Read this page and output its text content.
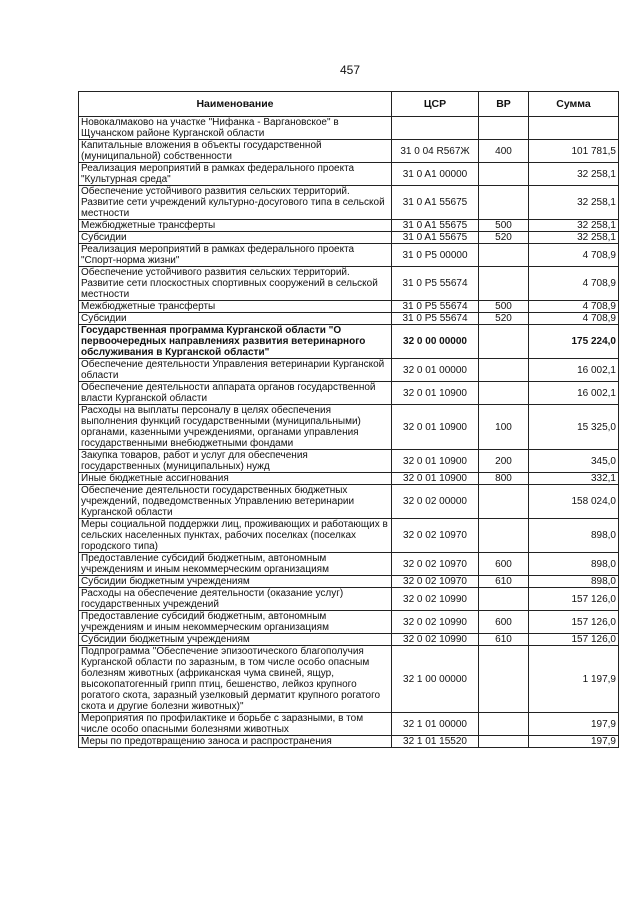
457
Наименование	ЦСР	ВР	Сумма
Новокалмаково на участке "Нифанка - Варгановское" в Щучанском районе Курганской области			
Капитальные вложения в объекты государственной (муниципальной) собственности	31 0 04 R567Ж	400	101 781,5
Реализация мероприятий в рамках федерального проекта "Культурная среда"	31 0 A1 00000		32 258,1
Обеспечение устойчивого развития сельских территорий. Развитие сети учреждений культурно-досугового типа в сельской местности	31 0 A1 55675		32 258,1
Межбюджетные трансферты	31 0 A1 55675	500	32 258,1
Субсидии	31 0 A1 55675	520	32 258,1
Реализация мероприятий в рамках федерального проекта "Спорт-норма жизни"	31 0 P5 00000		4 708,9
Обеспечение устойчивого развития сельских территорий. Развитие сети плоскостных спортивных сооружений в сельской местности	31 0 P5 55674		4 708,9
Межбюджетные трансферты	31 0 P5 55674	500	4 708,9
Субсидии	31 0 P5 55674	520	4 708,9
Государственная программа Курганской области "О первоочередных направлениях развития ветеринарного обслуживания в Курганской области"	32 0 00 00000		175 224,0
Обеспечение деятельности Управления ветеринарии Курганской области	32 0 01 00000		16 002,1
Обеспечение деятельности аппарата органов государственной власти Курганской области	32 0 01 10900		16 002,1
Расходы на выплаты персоналу в целях обеспечения выполнения функций государственными (муниципальными) органами, казенными учреждениями, органами управления государственными внебюджетными фондами	32 0 01 10900	100	15 325,0
Закупка товаров, работ и услуг для обеспечения государственных (муниципальных) нужд	32 0 01 10900	200	345,0
Иные бюджетные ассигнования	32 0 01 10900	800	332,1
Обеспечение деятельности государственных бюджетных учреждений, подведомственных Управлению ветеринарии Курганской области	32 0 02 00000		158 024,0
Меры социальной поддержки лиц, проживающих и работающих в сельских населенных пунктах, рабочих поселках (поселках городского типа)	32 0 02 10970		898,0
Предоставление субсидий бюджетным, автономным учреждениям и иным некоммерческим организациям	32 0 02 10970	600	898,0
Субсидии бюджетным учреждениям	32 0 02 10970	610	898,0
Расходы на обеспечение деятельности (оказание услуг) государственных учреждений	32 0 02 10990		157 126,0
Предоставление субсидий бюджетным, автономным учреждениям и иным некоммерческим организациям	32 0 02 10990	600	157 126,0
Субсидии бюджетным учреждениям	32 0 02 10990	610	157 126,0
Подпрограмма "Обеспечение эпизоотического благополучия Курганской области по заразным, в том числе особо опасным болезням животных (африканская чума свиней, ящур, высокопатогенный грипп птиц, бешенство, лейкоз крупного рогатого скота, заразный узелковый дерматит крупного рогатого скота и другие болезни животных)"	32 1 00 00000		1 197,9
Мероприятия по профилактике и борьбе с заразными, в том числе особо опасными болезнями животных	32 1 01 00000		197,9
Меры по предотвращению заноса и распространения	32 1 01 15520		197,9
